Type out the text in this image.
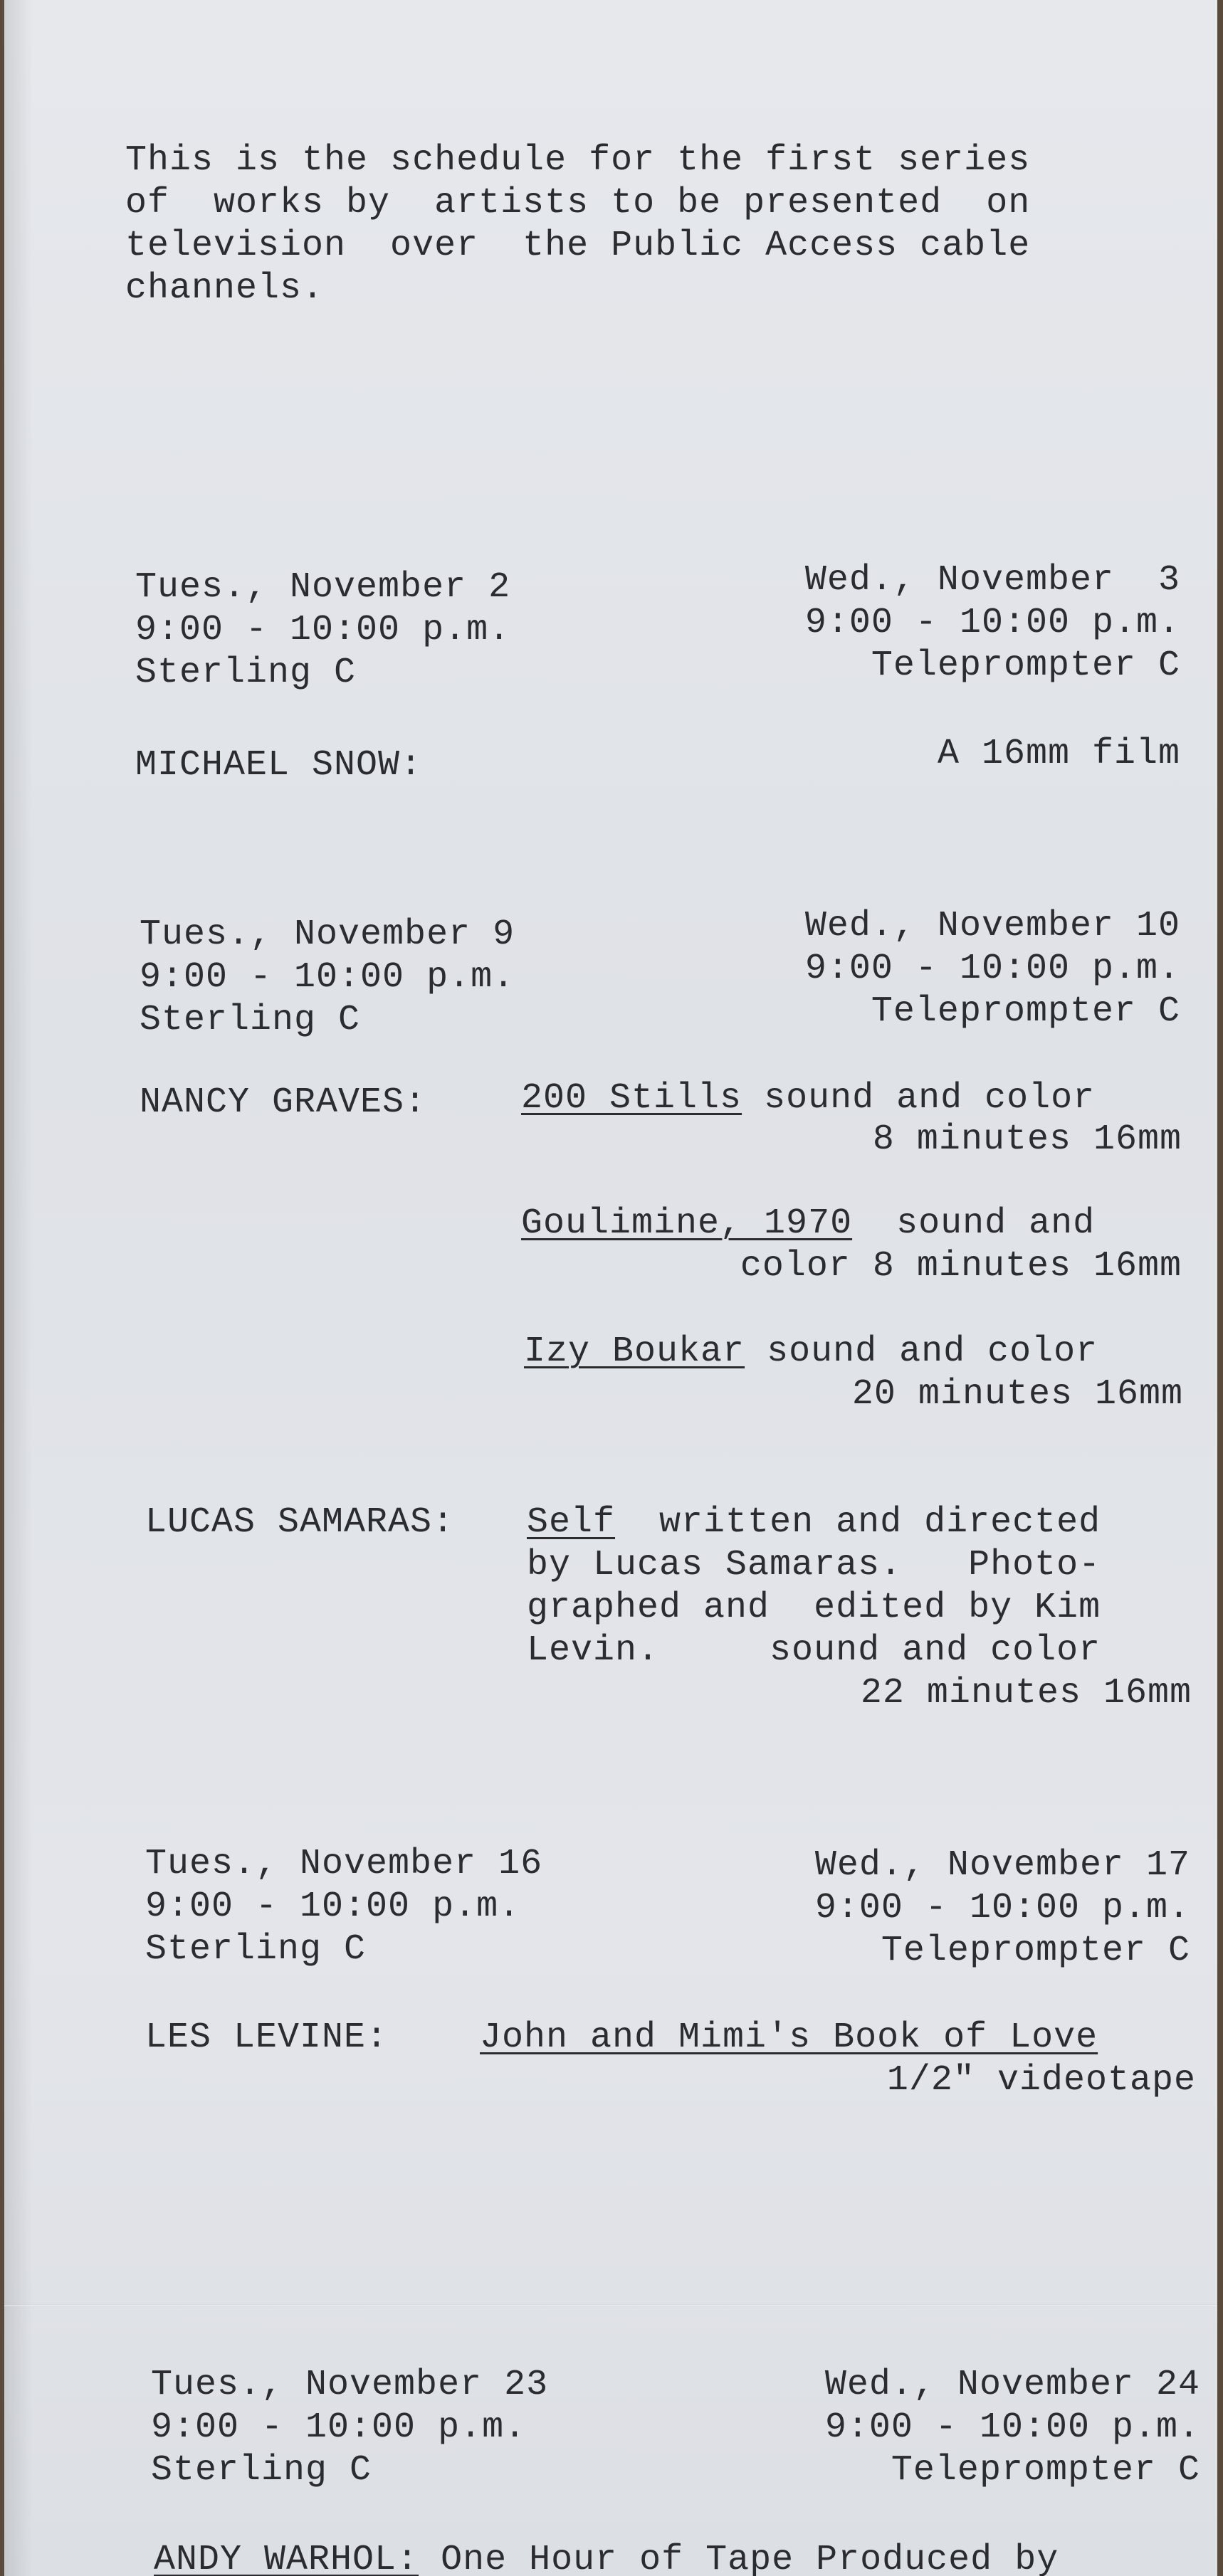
This is the schedule for the first series
of  works by  artists to be presented  on
television  over  the Public Access cable
channels.
Tues., November 2
9:00 - 10:00 p.m.
Sterling C
Wed., November  3
9:00 - 10:00 p.m.
Teleprompter C
MICHAEL SNOW:	A 16mm film
Tues., November 9
9:00 - 10:00 p.m.
Sterling C
Wed., November 10
9:00 - 10:00 p.m.
Teleprompter C
NANCY GRAVES:	200 Stills sound and color
8 minutes 16mm
Goulimine, 1970  sound and
color 8 minutes 16mm
Izy Boukar sound and color
20 minutes 16mm
LUCAS SAMARAS: Self  written and directed
by Lucas Samaras.   Photo-
graphed and  edited by Kim
Levin.     sound and color
22 minutes 16mm
Tues., November 16
9:00 - 10:00 p.m.
Sterling C
Wed., November 17
9:00 - 10:00 p.m.
Teleprompter C
LES LEVINE:	John and Mimi's Book of Love
1/2" videotape
Tues., November 23
9:00 - 10:00 p.m.
Sterling C
Wed., November 24
9:00 - 10:00 p.m.
Teleprompter C
ANDY WARHOL: One Hour of Tape Produced by
